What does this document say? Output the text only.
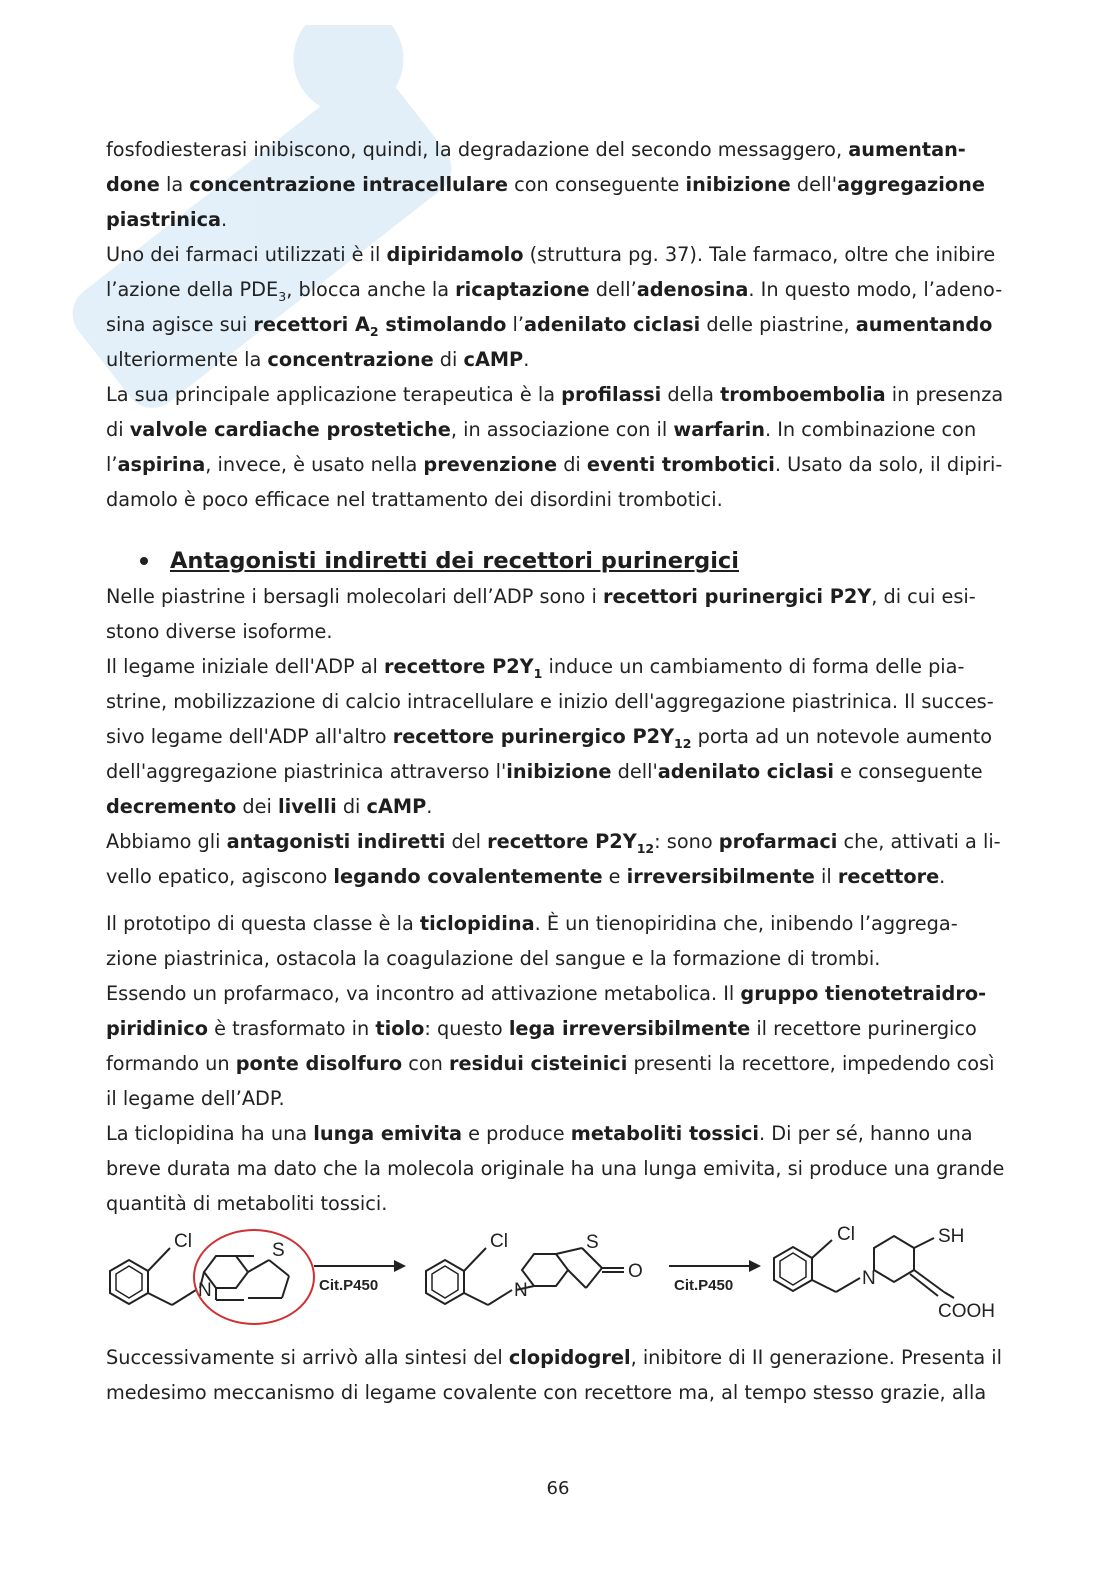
fosfodiesterasi inibiscono, quindi, la degradazione del secondo messaggero, aumentan-done la concentrazione intracellulare con conseguente inibizione dell'aggregazione piastrinica.

Uno dei farmaci utilizzati è il dipiridamolo (struttura pg. 37). Tale farmaco, oltre che inibire l’azione della $PDE_3$, blocca anche la ricaptazione dell’adenosina. In questo modo, l’adeno-sina agisce sui recettori $A_2$ stimolando l’adenilato ciclasi delle piastrine, aumentando ulteriormente la concentrazione di cAMP.

La sua principale applicazione terapeutica è la profilassi della tromboembolia in presenza di valvole cardiache prostetiche, in associazione con il warfarin. In combinazione con l’aspirina, invece, è usato nella prevenzione di eventi trombotici. Usato da solo, il dipiri-damolo è poco efficace nel trattamento dei disordini trombotici.

Antagonisti indiretti dei recettori purinergici

Nelle piastrine i bersagli molecolari dell’ADP sono i recettori purinergici P2Y, di cui esi-stono diverse isoforme.

Il legame iniziale dell'ADP al recettore $P2Y_1$ induce un cambiamento di forma delle pia-strine, mobilizzazione di calcio intracellulare e inizio dell'aggregazione piastrinica. Il succes-sivo legame dell'ADP all'altro recettore purinergico $P2Y_{12}$ porta ad un notevole aumento dell'aggregazione piastrinica attraverso l'inibizione dell'adenilato ciclasi e conseguente decremento dei livelli di cAMP.

Abbiamo gli antagonisti indiretti del recettore $P2Y_{12}$: sono profarmaci che, attivati a li-vello epatico, agiscono legando covalentemente e irreversibilmente il recettore.

Il prototipo di questa classe è la ticlopidina. È un tienopiridina che, inibendo l’aggrega-zione piastrinica, ostacola la coagulazione del sangue e la formazione di trombi.

Essendo un profarmaco, va incontro ad attivazione metabolica. Il gruppo tienotetraidro-piridinico è trasformato in tiolo: questo lega irreversibilmente il recettore purinergico formando un ponte disolfuro con residui cisteinici presenti la recettore, impedendo così il legame dell’ADP.

La ticlopidina ha una lunga emivita e produce metaboliti tossici. Di per sé, hanno una breve durata ma dato che la molecola originale ha una lunga emivita, si produce una grande quantità di metaboliti tossici.

Cl
N
S
Cit.P450
Cl
N
S
O
Cit.P450
Cl
N
SH
COOH

Successivamente si arrivò alla sintesi del clopidogrel, inibitore di II generazione. Presenta il medesimo meccanismo di legame covalente con recettore ma, al tempo stesso grazie, alla

66
